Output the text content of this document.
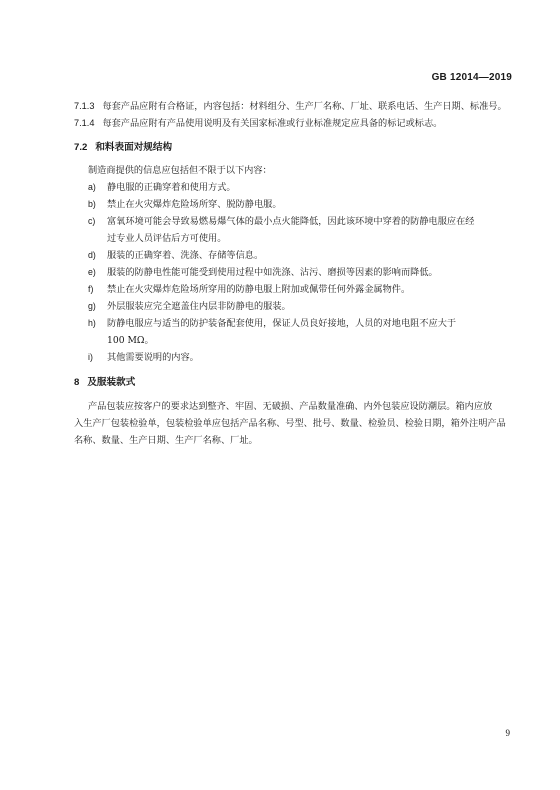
GB 12014—2019
7.1.3 每套产品应附有合格证，内容包括：材料组分、生产厂名称、厂址、联系电话、生产日期、标准号。
7.1.4 每套产品应附有产品使用说明及有关国家标准或行业标准规定应具备的标记或标志。
7.2 和料表面对规结构
制造商提供的信息应包括但不限于以下内容：
a) 静电服的正确穿着和使用方式。
b) 禁止在火灾爆炸危险场所穿、脱防静电服。
c) 富氧环境可能会导致易燃易爆气体的最小点火能降低，因此该环境中穿着的防静电服应在经
过专业人员评估后方可使用。
d) 服装的正确穿着、洗涤、存储等信息。
e) 服装的防静电性能可能受到使用过程中如洗涤、沾污、磨损等因素的影响而降低。
f) 禁止在火灾爆炸危险场所穿用的防静电服上附加或佩带任何外露金属物件。
g) 外层服装应完全遮盖住内层非防静电的服装。
h) 防静电服应与适当的防护装备配套使用，保证人员良好接地，人员的对地电阻不应大于
100 MΩ。
i) 其他需要说明的内容。
8 及服装款式
产品包装应按客户的要求达到整齐、牢固、无破损、产品数量准确、内外包装应设防潮层。箱内应放
入生产厂包装检验单，包装检验单应包括产品名称、号型、批号、数量、检验员、检验日期，箱外注明产品
名称、数量、生产日期、生产厂名称、厂址。
9
